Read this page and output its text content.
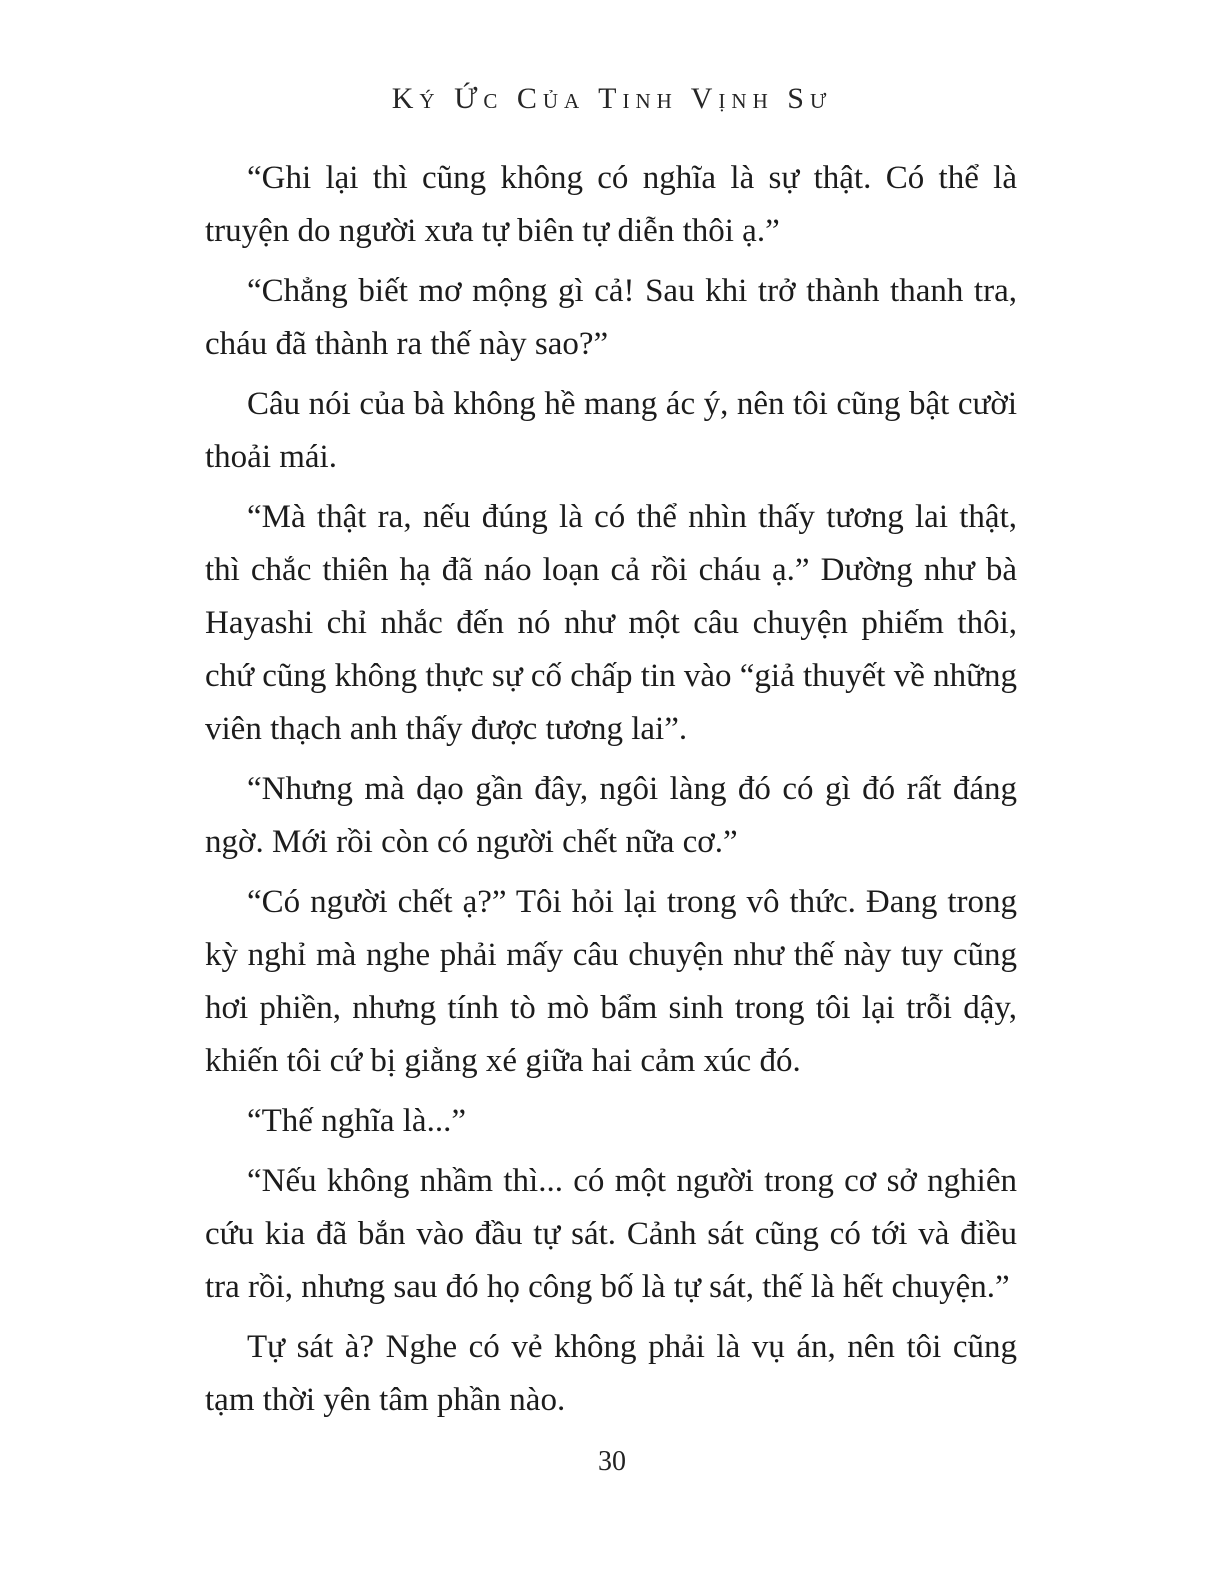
Ký Ức Của Tinh Vịnh Sư

“Ghi lại thì cũng không có nghĩa là sự thật. Có thể là truyện do người xưa tự biên tự diễn thôi ạ.”

“Chẳng biết mơ mộng gì cả! Sau khi trở thành thanh tra, cháu đã thành ra thế này sao?”

Câu nói của bà không hề mang ác ý, nên tôi cũng bật cười thoải mái.

“Mà thật ra, nếu đúng là có thể nhìn thấy tương lai thật, thì chắc thiên hạ đã náo loạn cả rồi cháu ạ.” Dường như bà Hayashi chỉ nhắc đến nó như một câu chuyện phiếm thôi, chứ cũng không thực sự cố chấp tin vào “giả thuyết về những viên thạch anh thấy được tương lai”.

“Nhưng mà dạo gần đây, ngôi làng đó có gì đó rất đáng ngờ. Mới rồi còn có người chết nữa cơ.”

“Có người chết ạ?” Tôi hỏi lại trong vô thức. Đang trong kỳ nghỉ mà nghe phải mấy câu chuyện như thế này tuy cũng hơi phiền, nhưng tính tò mò bẩm sinh trong tôi lại trỗi dậy, khiến tôi cứ bị giằng xé giữa hai cảm xúc đó.

“Thế nghĩa là...”

“Nếu không nhầm thì... có một người trong cơ sở nghiên cứu kia đã bắn vào đầu tự sát. Cảnh sát cũng có tới và điều tra rồi, nhưng sau đó họ công bố là tự sát, thế là hết chuyện.”

Tự sát à? Nghe có vẻ không phải là vụ án, nên tôi cũng tạm thời yên tâm phần nào.

30
